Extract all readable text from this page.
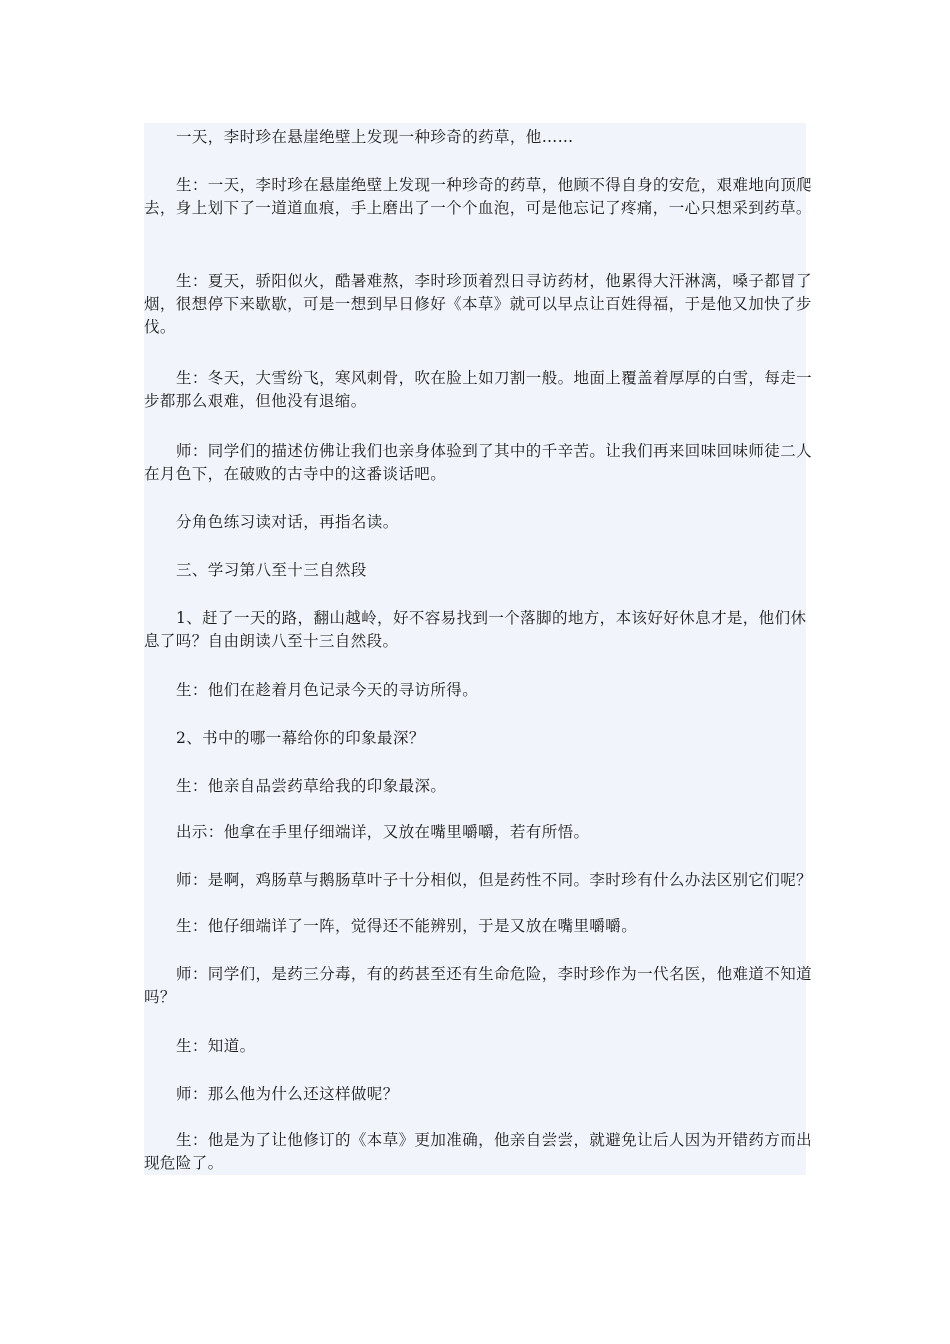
一天，李时珍在悬崖绝壁上发现一种珍奇的药草，他……

生：一天，李时珍在悬崖绝壁上发现一种珍奇的药草，他顾不得自身的安危，艰难地向顶爬去，身上划下了一道道血痕，手上磨出了一个个血泡，可是他忘记了疼痛，一心只想采到药草。

生：夏天，骄阳似火，酷暑难熬，李时珍顶着烈日寻访药材，他累得大汗淋漓，嗓子都冒了烟，很想停下来歇歇，可是一想到早日修好《本草》就可以早点让百姓得福，于是他又加快了步伐。

生：冬天，大雪纷飞，寒风刺骨，吹在脸上如刀割一般。地面上覆盖着厚厚的白雪，每走一步都那么艰难，但他没有退缩。

师：同学们的描述仿佛让我们也亲身体验到了其中的千辛苦。让我们再来回味回味师徒二人在月色下，在破败的古寺中的这番谈话吧。

分角色练习读对话，再指名读。

三、学习第八至十三自然段

1、赶了一天的路，翻山越岭，好不容易找到一个落脚的地方，本该好好休息才是，他们休息了吗？自由朗读八至十三自然段。

生：他们在趁着月色记录今天的寻访所得。

2、书中的哪一幕给你的印象最深？

生：他亲自品尝药草给我的印象最深。

出示：他拿在手里仔细端详，又放在嘴里嚼嚼，若有所悟。

师：是啊，鸡肠草与鹅肠草叶子十分相似，但是药性不同。李时珍有什么办法区别它们呢？

生：他仔细端详了一阵，觉得还不能辨别，于是又放在嘴里嚼嚼。

师：同学们，是药三分毒，有的药甚至还有生命危险，李时珍作为一代名医，他难道不知道吗？

生：知道。

师：那么他为什么还这样做呢？

生：他是为了让他修订的《本草》更加准确，他亲自尝尝，就避免让后人因为开错药方而出现危险了。
